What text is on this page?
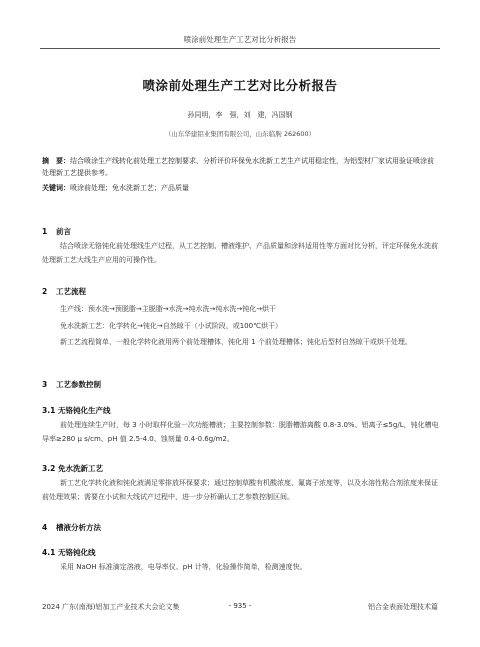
喷涂前处理生产工艺对比分析报告
喷涂前处理生产工艺对比分析报告
孙同明，李　强，刘　建，冯国钢
（山东华建铝业集团有限公司，山东临朐 262600）
摘　要：结合喷涂生产线转化前处理工艺控制要求，分析评价环保免水洗新工艺生产试用稳定性，为铝型材厂家试用验证喷涂前处理新工艺提供参考。
关键词：喷涂前处理；免水洗新工艺；产品质量
1 前言
结合喷涂无铬钝化前处理线生产过程，从工艺控制、槽液维护、产品质量和涂料适用性等方面对比分析，评定环保免水洗前处理新工艺大线生产应用的可操作性。
2 工艺流程
生产线：预水洗→预脱脂→主脱脂→水洗→纯水洗→纯水洗→钝化→烘干
免水洗新工艺：化学转化→钝化→自然晾干（小试阶段，或100℃烘干）
新工艺流程简单，一般化学转化液用两个前处理槽体，钝化用 1 个前处理槽体；钝化后型材自然晾干或烘干处理。
3 工艺参数控制
3.1 无铬钝化生产线
前处理连续生产时，每 3 小时取样化验一次功能槽液；主要控制参数：脱脂槽游离酸 0.8-3.0%、铝离子≤5g/L，钝化槽电导率≥280 μ s/cm、pH 值 2.5-4.0、蚀刻量 0.4-0.6g/m2。
3.2 免水洗新工艺
新工艺化学转化液和钝化液满足零排放环保要求；通过控制草酸有机酸浓度、氟离子浓度等，以及水溶性粘合剂浓度来保证前处理效果；需要在小试和大线试产过程中，进一步分析确认工艺参数控制区间。
4 槽液分析方法
4.1 无铬钝化线
采用 NaOH 标准滴定溶液，电导率仪、pH 计等，化验操作简单，检测速度快。
2024 广东(南海)铝加工产业技术大会论文集	- 935 -	铝合金表面处理技术篇
